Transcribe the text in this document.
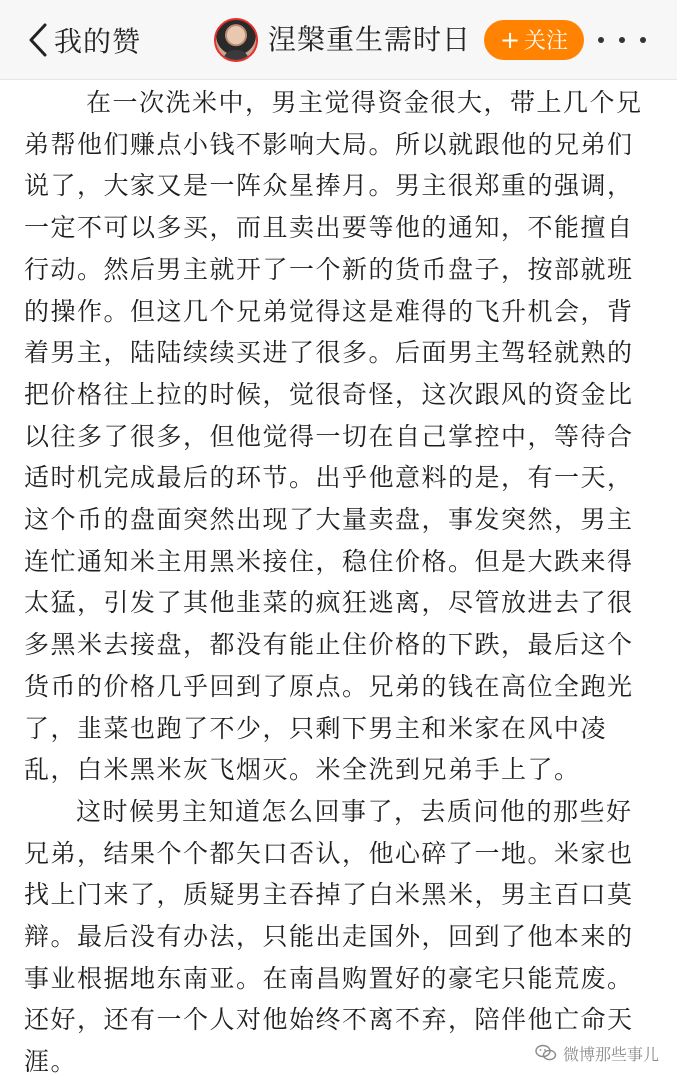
我的赞	涅槃重生需时日	+ 关注

在一次洗米中，男主觉得资金很大，带上几个兄弟帮他们赚点小钱不影响大局。所以就跟他的兄弟们说了，大家又是一阵众星捧月。男主很郑重的强调，一定不可以多买，而且卖出要等他的通知，不能擅自行动。然后男主就开了一个新的货币盘子，按部就班的操作。但这几个兄弟觉得这是难得的飞升机会，背着男主，陆陆续续买进了很多。后面男主驾轻就熟的把价格往上拉的时候，觉很奇怪，这次跟风的资金比以往多了很多，但他觉得一切在自己掌控中，等待合适时机完成最后的环节。出乎他意料的是，有一天，这个币的盘面突然出现了大量卖盘，事发突然，男主连忙通知米主用黑米接住，稳住价格。但是大跌来得太猛，引发了其他韭菜的疯狂逃离，尽管放进去了很多黑米去接盘，都没有能止住价格的下跌，最后这个货币的价格几乎回到了原点。兄弟的钱在高位全跑光了，韭菜也跑了不少，只剩下男主和米家在风中凌乱，白米黑米灰飞烟灭。米全洗到兄弟手上了。

这时候男主知道怎么回事了，去质问他的那些好兄弟，结果个个都矢口否认，他心碎了一地。米家也找上门来了，质疑男主吞掉了白米黑米，男主百口莫辩。最后没有办法，只能出走国外，回到了他本来的事业根据地东南亚。在南昌购置好的豪宅只能荒废。还好，还有一个人对他始终不离不弃，陪伴他亡命天涯。	微博那些事儿
